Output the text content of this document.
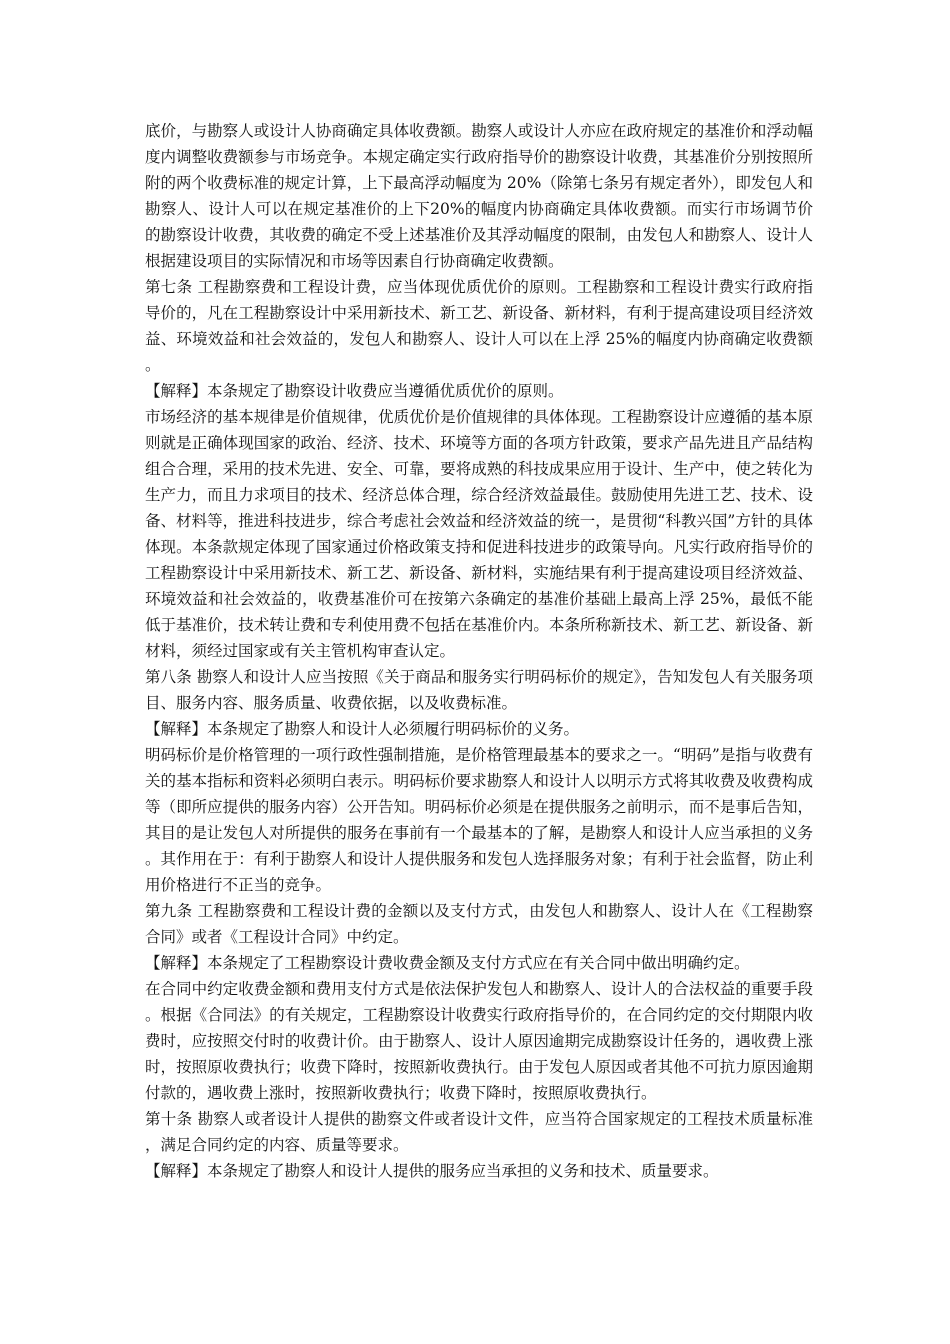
底价，与勘察人或设计人协商确定具体收费额。勘察人或设计人亦应在政府规定的基准价和浮动幅度内调整收费额参与市场竞争。本规定确定实行政府指导价的勘察设计收费，其基准价分别按照所附的两个收费标准的规定计算，上下最高浮动幅度为 20%（除第七条另有规定者外），即发包人和勘察人、设计人可以在规定基准价的上下20%的幅度内协商确定具体收费额。而实行市场调节价的勘察设计收费，其收费的确定不受上述基准价及其浮动幅度的限制，由发包人和勘察人、设计人根据建设项目的实际情况和市场等因素自行协商确定收费额。

第七条 工程勘察费和工程设计费，应当体现优质优价的原则。工程勘察和工程设计费实行政府指导价的，凡在工程勘察设计中采用新技术、新工艺、新设备、新材料，有利于提高建设项目经济效益、环境效益和社会效益的，发包人和勘察人、设计人可以在上浮 25%的幅度内协商确定收费额。

【解释】本条规定了勘察设计收费应当遵循优质优价的原则。

市场经济的基本规律是价值规律，优质优价是价值规律的具体体现。工程勘察设计应遵循的基本原则就是正确体现国家的政治、经济、技术、环境等方面的各项方针政策，要求产品先进且产品结构组合合理，采用的技术先进、安全、可靠，要将成熟的科技成果应用于设计、生产中，使之转化为生产力，而且力求项目的技术、经济总体合理，综合经济效益最佳。鼓励使用先进工艺、技术、设备、材料等，推进科技进步，综合考虑社会效益和经济效益的统一，是贯彻“科教兴国”方针的具体体现。本条款规定体现了国家通过价格政策支持和促进科技进步的政策导向。凡实行政府指导价的工程勘察设计中采用新技术、新工艺、新设备、新材料，实施结果有利于提高建设项目经济效益、环境效益和社会效益的，收费基准价可在按第六条确定的基准价基础上最高上浮 25%，最低不能低于基准价，技术转让费和专利使用费不包括在基准价内。本条所称新技术、新工艺、新设备、新材料，须经过国家或有关主管机构审查认定。

第八条 勘察人和设计人应当按照《关于商品和服务实行明码标价的规定》，告知发包人有关服务项目、服务内容、服务质量、收费依据，以及收费标准。

【解释】本条规定了勘察人和设计人必须履行明码标价的义务。

明码标价是价格管理的一项行政性强制措施，是价格管理最基本的要求之一。“明码”是指与收费有关的基本指标和资料必须明白表示。明码标价要求勘察人和设计人以明示方式将其收费及收费构成等（即所应提供的服务内容）公开告知。明码标价必须是在提供服务之前明示，而不是事后告知，其目的是让发包人对所提供的服务在事前有一个最基本的了解，是勘察人和设计人应当承担的义务。其作用在于：有利于勘察人和设计人提供服务和发包人选择服务对象；有利于社会监督，防止利用价格进行不正当的竞争。

第九条 工程勘察费和工程设计费的金额以及支付方式，由发包人和勘察人、设计人在《工程勘察合同》或者《工程设计合同》中约定。

【解释】本条规定了工程勘察设计费收费金额及支付方式应在有关合同中做出明确约定。

在合同中约定收费金额和费用支付方式是依法保护发包人和勘察人、设计人的合法权益的重要手段。根据《合同法》的有关规定，工程勘察设计收费实行政府指导价的，在合同约定的交付期限内收费时，应按照交付时的收费计价。由于勘察人、设计人原因逾期完成勘察设计任务的，遇收费上涨时，按照原收费执行；收费下降时，按照新收费执行。由于发包人原因或者其他不可抗力原因逾期付款的，遇收费上涨时，按照新收费执行；收费下降时，按照原收费执行。

第十条 勘察人或者设计人提供的勘察文件或者设计文件，应当符合国家规定的工程技术质量标准，满足合同约定的内容、质量等要求。

【解释】本条规定了勘察人和设计人提供的服务应当承担的义务和技术、质量要求。
